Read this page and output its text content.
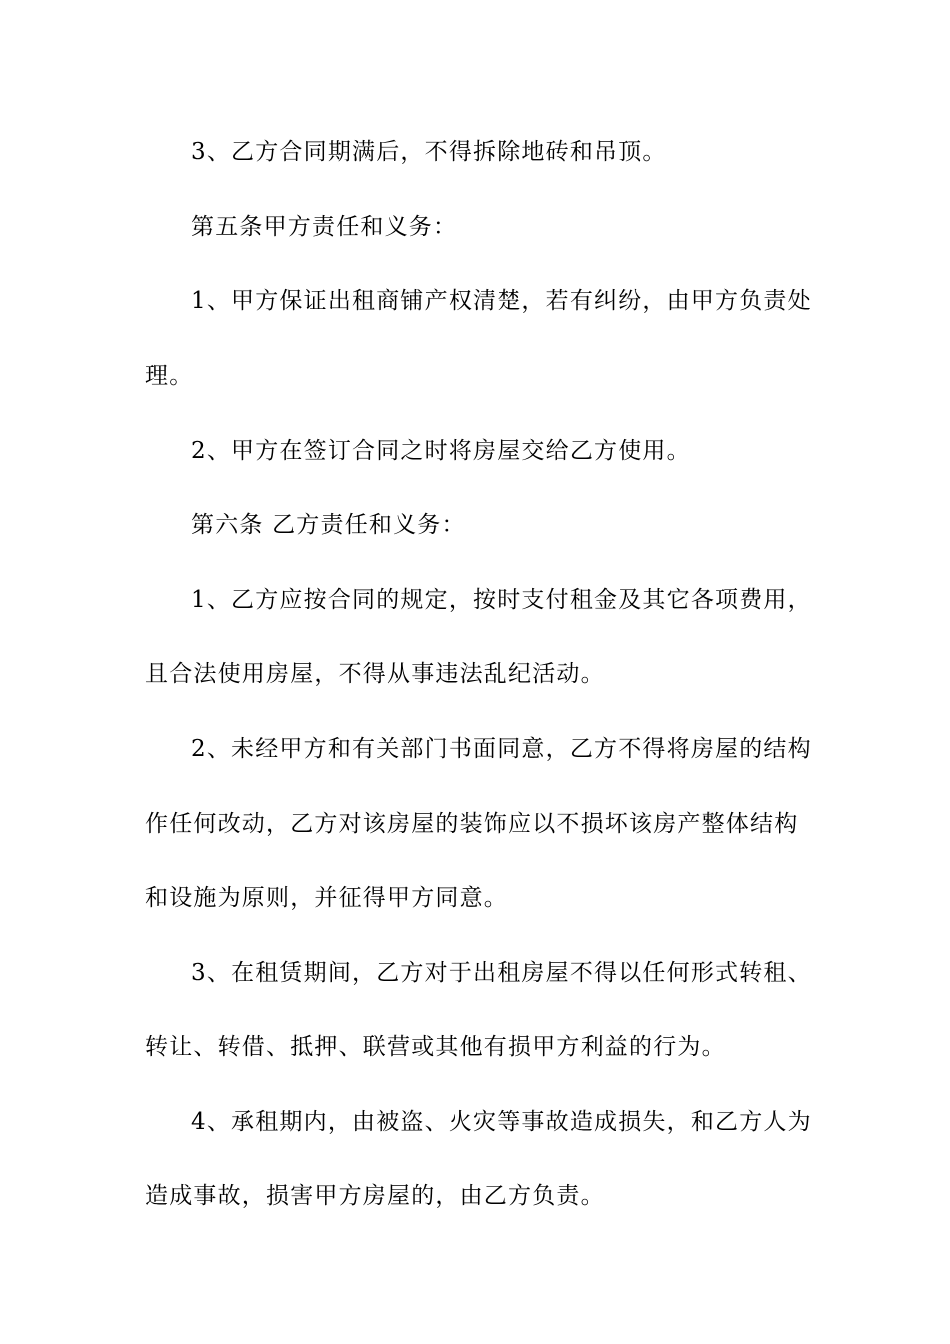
3、乙方合同期满后，不得拆除地砖和吊顶。

第五条甲方责任和义务：

1、甲方保证出租商铺产权清楚，若有纠纷，由甲方负责处

理。

2、甲方在签订合同之时将房屋交给乙方使用。

第六条 乙方责任和义务：

1、乙方应按合同的规定，按时支付租金及其它各项费用，

且合法使用房屋，不得从事违法乱纪活动。

2、未经甲方和有关部门书面同意，乙方不得将房屋的结构

作任何改动，乙方对该房屋的装饰应以不损坏该房产整体结构

和设施为原则，并征得甲方同意。

3、在租赁期间，乙方对于出租房屋不得以任何形式转租、

转让、转借、抵押、联营或其他有损甲方利益的行为。

4、承租期内，由被盗、火灾等事故造成损失，和乙方人为

造成事故，损害甲方房屋的，由乙方负责。
